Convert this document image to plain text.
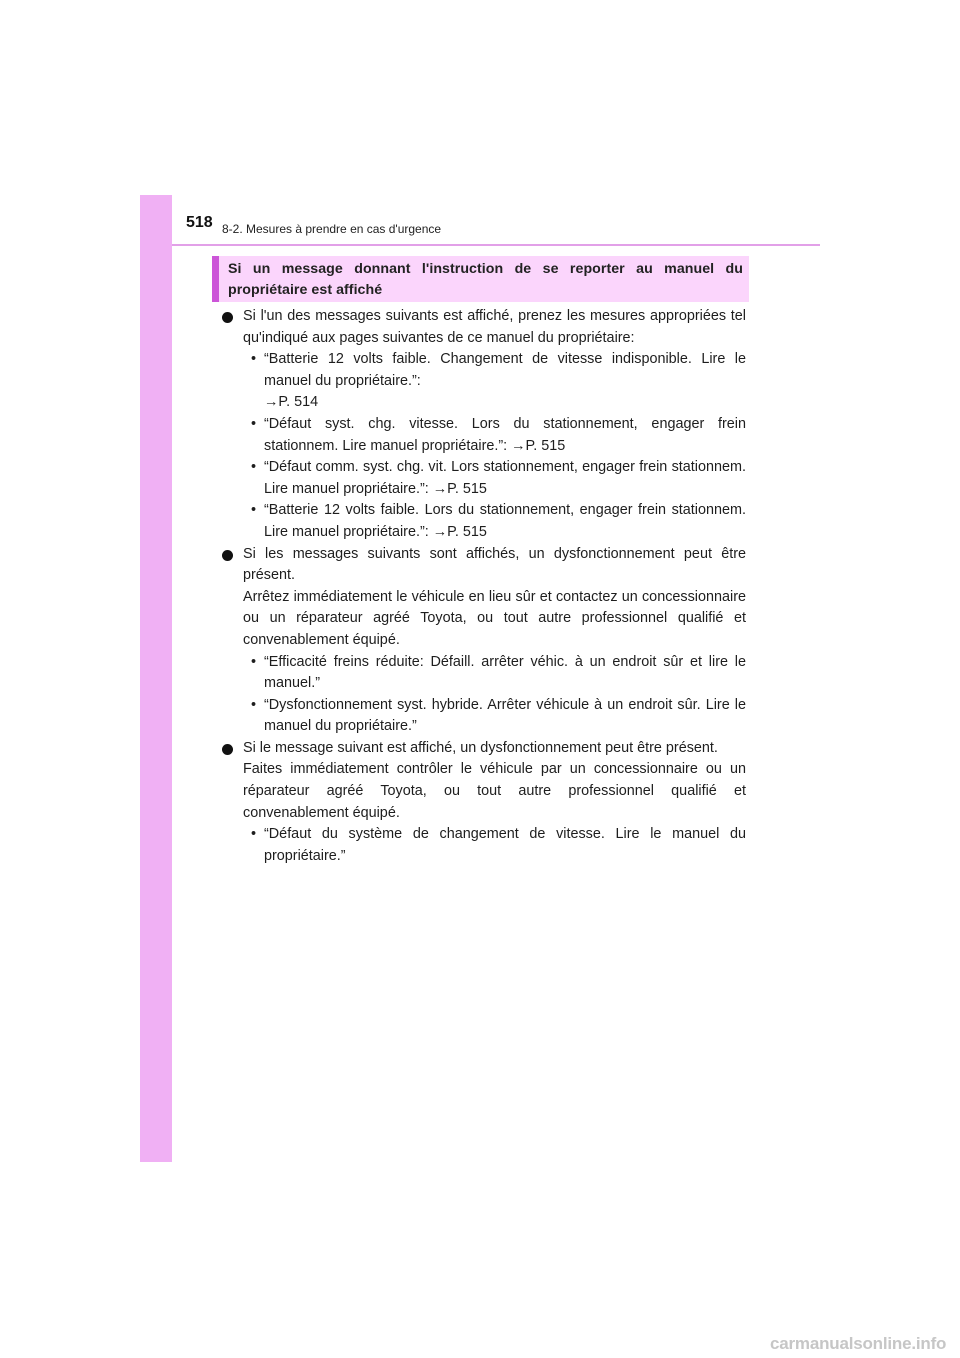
518 8-2. Mesures à prendre en cas d'urgence
Si un message donnant l'instruction de se reporter au manuel du propriétaire est affiché
Si l'un des messages suivants est affiché, prenez les mesures appropriées tel qu'indiqué aux pages suivantes de ce manuel du propriétaire:
• “Batterie 12 volts faible. Changement de vitesse indisponible. Lire le manuel du propriétaire.”:
→P. 514
• “Défaut syst. chg. vitesse. Lors du stationnement, engager frein stationnem. Lire manuel propriétaire.”: →P. 515
• “Défaut comm. syst. chg. vit. Lors stationnement, engager frein stationnem. Lire manuel propriétaire.”: →P. 515
• “Batterie 12 volts faible. Lors du stationnement, engager frein stationnem. Lire manuel propriétaire.”: →P. 515
Si les messages suivants sont affichés, un dysfonctionnement peut être présent.
Arrêtez immédiatement le véhicule en lieu sûr et contactez un concessionnaire ou un réparateur agréé Toyota, ou tout autre professionnel qualifié et convenablement équipé.
• “Efficacité freins réduite: Défaill. arrêter véhic. à un endroit sûr et lire le manuel.”
• “Dysfonctionnement syst. hybride. Arrêter véhicule à un endroit sûr. Lire le manuel du propriétaire.”
Si le message suivant est affiché, un dysfonctionnement peut être présent.
Faites immédiatement contrôler le véhicule par un concessionnaire ou un réparateur agréé Toyota, ou tout autre professionnel qualifié et convenablement équipé.
• “Défaut du système de changement de vitesse. Lire le manuel du propriétaire.”
carmanualsonline.info
